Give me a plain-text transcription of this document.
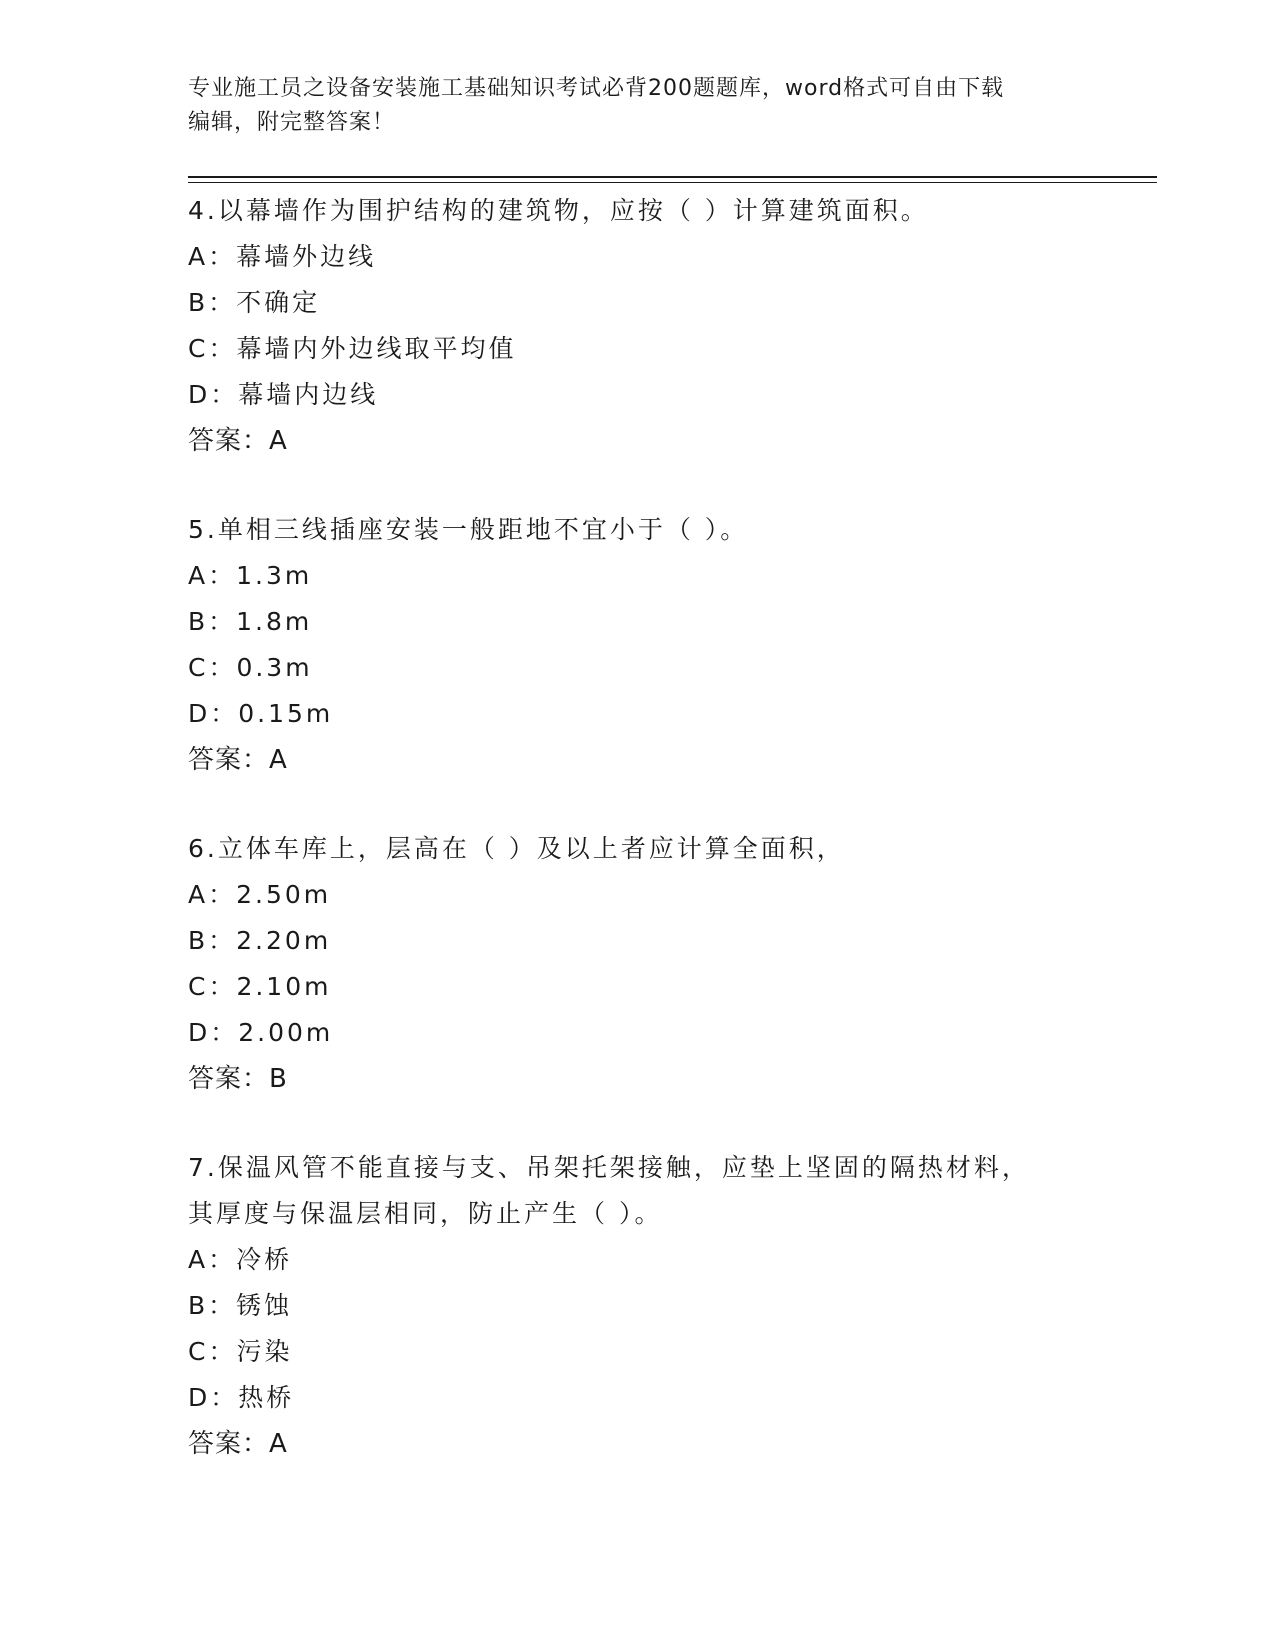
专业施工员之设备安装施工基础知识考试必背200题题库，word格式可自由下载
编辑，附完整答案！
4.以幕墙作为围护结构的建筑物，应按（ ）计算建筑面积。
A：幕墙外边线
B：不确定
C：幕墙内外边线取平均值
D：幕墙内边线
答案：A
5.单相三线插座安装一般距地不宜小于（ ）。
A：1.3m
B：1.8m
C：0.3m
D：0.15m
答案：A
6.立体车库上，层高在（ ）及以上者应计算全面积，
A：2.50m
B：2.20m
C：2.10m
D：2.00m
答案：B
7.保温风管不能直接与支、吊架托架接触，应垫上坚固的隔热材料，
其厚度与保温层相同，防止产生（ ）。
A：冷桥
B：锈蚀
C：污染
D：热桥
答案：A
